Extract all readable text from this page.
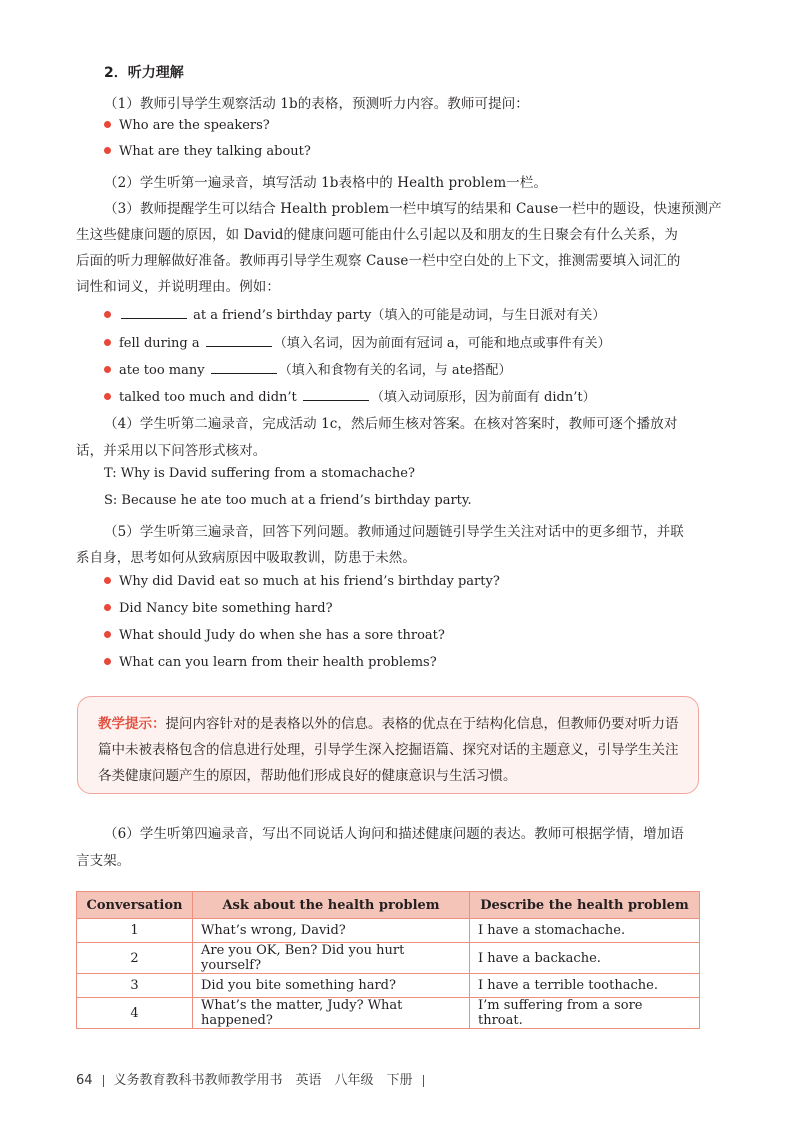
2．听力理解
（1）教师引导学生观察活动 1b的表格，预测听力内容。教师可提问：
Who are the speakers?
What are they talking about?
（2）学生听第一遍录音，填写活动 1b表格中的 Health problem一栏。
（3）教师提醒学生可以结合 Health problem一栏中填写的结果和 Cause一栏中的题设，快速预测产
生这些健康问题的原因，如 David的健康问题可能由什么引起以及和朋友的生日聚会有什么关系，为
后面的听力理解做好准备。教师再引导学生观察 Cause一栏中空白处的上下文，推测需要填入词汇的
词性和词义，并说明理由。例如：
at a friend’s birthday party（填入的可能是动词，与生日派对有关）
fell during a	（填入名词，因为前面有冠词 a，可能和地点或事件有关）
ate too many	（填入和食物有关的名词，与 ate搭配）
talked too much and didn’t	（填入动词原形，因为前面有 didn’t）
（4）学生听第二遍录音，完成活动 1c，然后师生核对答案。在核对答案时，教师可逐个播放对
话，并采用以下问答形式核对。
T: Why is David suffering from a stomachache?
S: Because he ate too much at a friend’s birthday party.
（5）学生听第三遍录音，回答下列问题。教师通过问题链引导学生关注对话中的更多细节，并联
系自身，思考如何从致病原因中吸取教训，防患于未然。
Why did David eat so much at his friend’s birthday party?
Did Nancy bite something hard?
What should Judy do when she has a sore throat?
What can you learn from their health problems?
教学提示：提问内容针对的是表格以外的信息。表格的优点在于结构化信息，但教师仍要对听力语
篇中未被表格包含的信息进行处理，引导学生深入挖掘语篇、探究对话的主题意义，引导学生关注
各类健康问题产生的原因，帮助他们形成良好的健康意识与生活习惯。
（6）学生听第四遍录音，写出不同说话人询问和描述健康问题的表达。教师可根据学情，增加语
言支架。
Conversation	Ask about the health problem	Describe the health problem
1	What’s wrong, David?	I have a stomachache.
2	Are you OK, Ben? Did you hurt yourself?	I have a backache.
3	Did you bite something hard?	I have a terrible toothache.
4	What’s the matter, Judy? What happened?	I’m suffering from a sore throat.
64 义务教育教科书教师教学用书　英语　八年级　下册
